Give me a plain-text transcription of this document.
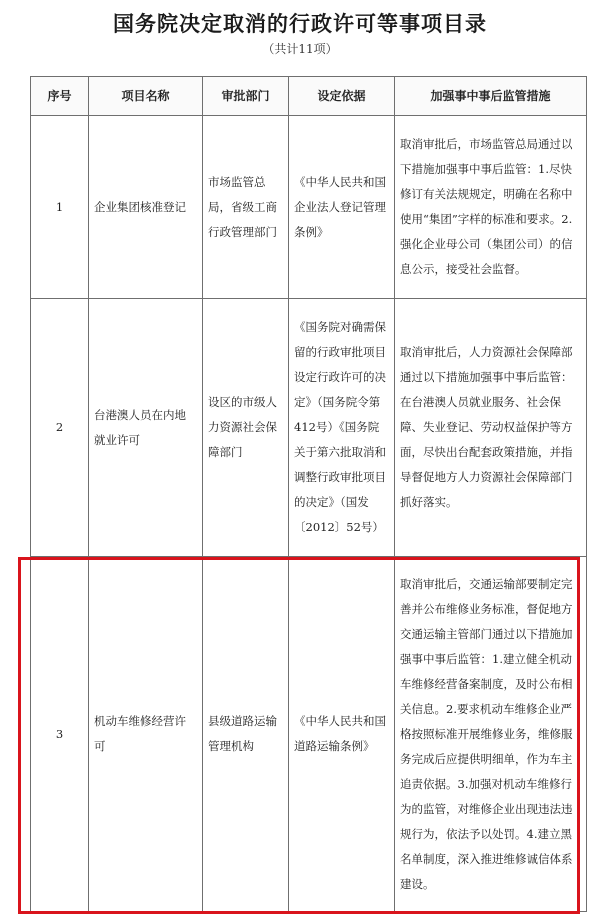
国务院决定取消的行政许可等事项目录
（共计11项）
序号	项目名称	审批部门	设定依据	加强事中事后监管措施
1	企业集团核准登记	市场监管总局，省级工商行政管理部门	《中华人民共和国企业法人登记管理条例》	取消审批后，市场监管总局通过以下措施加强事中事后监管：1.尽快修订有关法规规定，明确在名称中使用“集团”字样的标准和要求。2.强化企业母公司（集团公司）的信息公示，接受社会监督。
2	台港澳人员在内地就业许可	设区的市级人力资源社会保障部门	《国务院对确需保留的行政审批项目设定行政许可的决定》（国务院令第412号）《国务院关于第六批取消和调整行政审批项目的决定》（国发〔2012〕52号）	取消审批后，人力资源社会保障部通过以下措施加强事中事后监管：在台港澳人员就业服务、社会保障、失业登记、劳动权益保护等方面，尽快出台配套政策措施，并指导督促地方人力资源社会保障部门抓好落实。
3	机动车维修经营许可	县级道路运输管理机构	《中华人民共和国道路运输条例》	取消审批后，交通运输部要制定完善并公布维修业务标准，督促地方交通运输主管部门通过以下措施加强事中事后监管：1.建立健全机动车维修经营备案制度，及时公布相关信息。2.要求机动车维修企业严格按照标准开展维修业务，维修服务完成后应提供明细单，作为车主追责依据。3.加强对机动车维修行为的监管，对维修企业出现违法违规行为，依法予以处罚。4.建立黑名单制度，深入推进维修诚信体系建设。
